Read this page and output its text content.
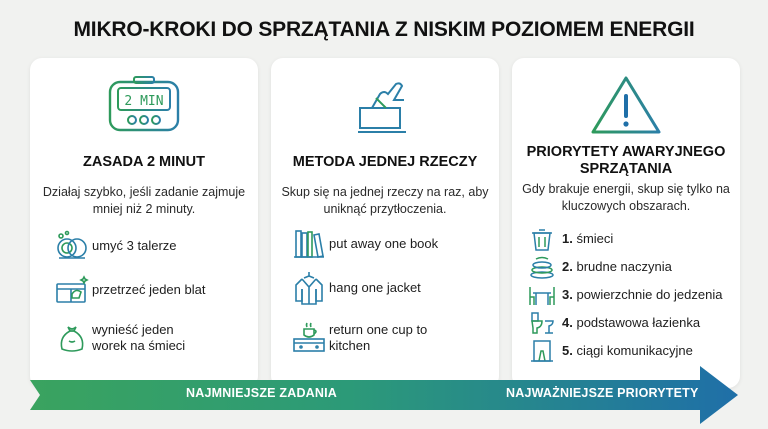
MIKRO-KROKI DO SPRZĄTANIA Z NISKIM POZIOMEM ENERGII
2 MIN
ZASADA 2 MINUT
Działaj szybko, jeśli zadanie zajmuje mniej niż 2 minuty.
umyć 3 talerze
przetrzeć jeden blat
wynieść jeden worek na śmieci
METODA JEDNEJ RZECZY
Skup się na jednej rzeczy na raz, aby uniknąć przytłoczenia.
put away one book
hang one jacket
return one cup to kitchen
PRIORYTETY AWARYJNEGO SPRZĄTANIA
Gdy brakuje energii, skup się tylko na kluczowych obszarach.
1. śmieci
2. brudne naczynia
3. powierzchnie do jedzenia
4. podstawowa łazienka
5. ciągi komunikacyjne
NAJMNIEJSZE ZADANIA	NAJWAŻNIEJSZE PRIORYTETY
